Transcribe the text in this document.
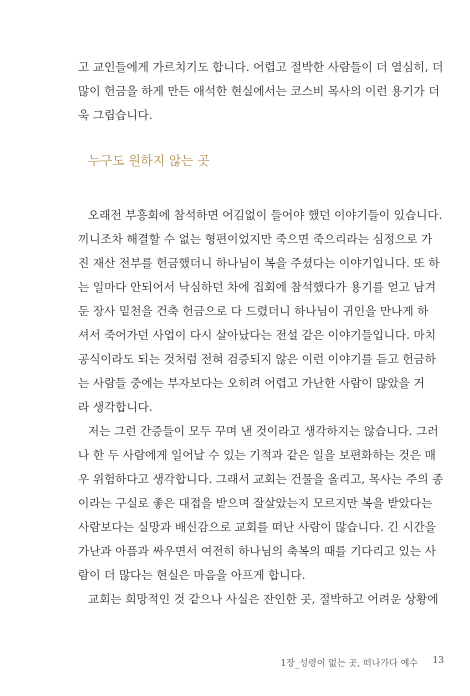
고 교인들에게 가르치기도 합니다. 어렵고 절박한 사람들이 더 열심히, 더
많이 헌금을 하게 만든 애석한 현실에서는 코스비 목사의 이런 용기가 더
욱 그립습니다.
누구도 원하지 않는 곳
오래전 부흥회에 참석하면 어김없이 들어야 했던 이야기들이 있습니다.
끼니조차 해결할 수 없는 형편이었지만 죽으면 죽으리라는 심정으로 가
진 재산 전부를 헌금했더니 하나님이 복을 주셨다는 이야기입니다. 또 하
는 일마다 안되어서 낙심하던 차에 집회에 참석했다가 용기를 얻고 남겨
둔 장사 밑천을 건축 헌금으로 다 드렸더니 하나님이 귀인을 만나게 하
셔서 죽어가던 사업이 다시 살아났다는 전설 같은 이야기들입니다. 마치
공식이라도 되는 것처럼 전혀 검증되지 않은 이런 이야기를 듣고 헌금하
는 사람들 중에는 부자보다는 오히려 어렵고 가난한 사람이 많았을 거
라 생각합니다.
저는 그런 간증들이 모두 꾸며 낸 것이라고 생각하지는 않습니다. 그러
나 한 두 사람에게 일어날 수 있는 기적과 같은 일을 보편화하는 것은 매
우 위험하다고 생각합니다. 그래서 교회는 건물을 올리고, 목사는 주의 종
이라는 구실로 좋은 대접을 받으며 잘살았는지 모르지만 복을 받았다는
사람보다는 실망과 배신감으로 교회를 떠난 사람이 많습니다. 긴 시간을
가난과 아픔과 싸우면서 여전히 하나님의 축복의 때를 기다리고 있는 사
람이 더 많다는 현실은 마음을 아프게 합니다.
교회는 희망적인 것 같으나 사실은 잔인한 곳, 절박하고 어려운 상황에
1장_성령이 없는 곳, 떠나가다 예수 13
